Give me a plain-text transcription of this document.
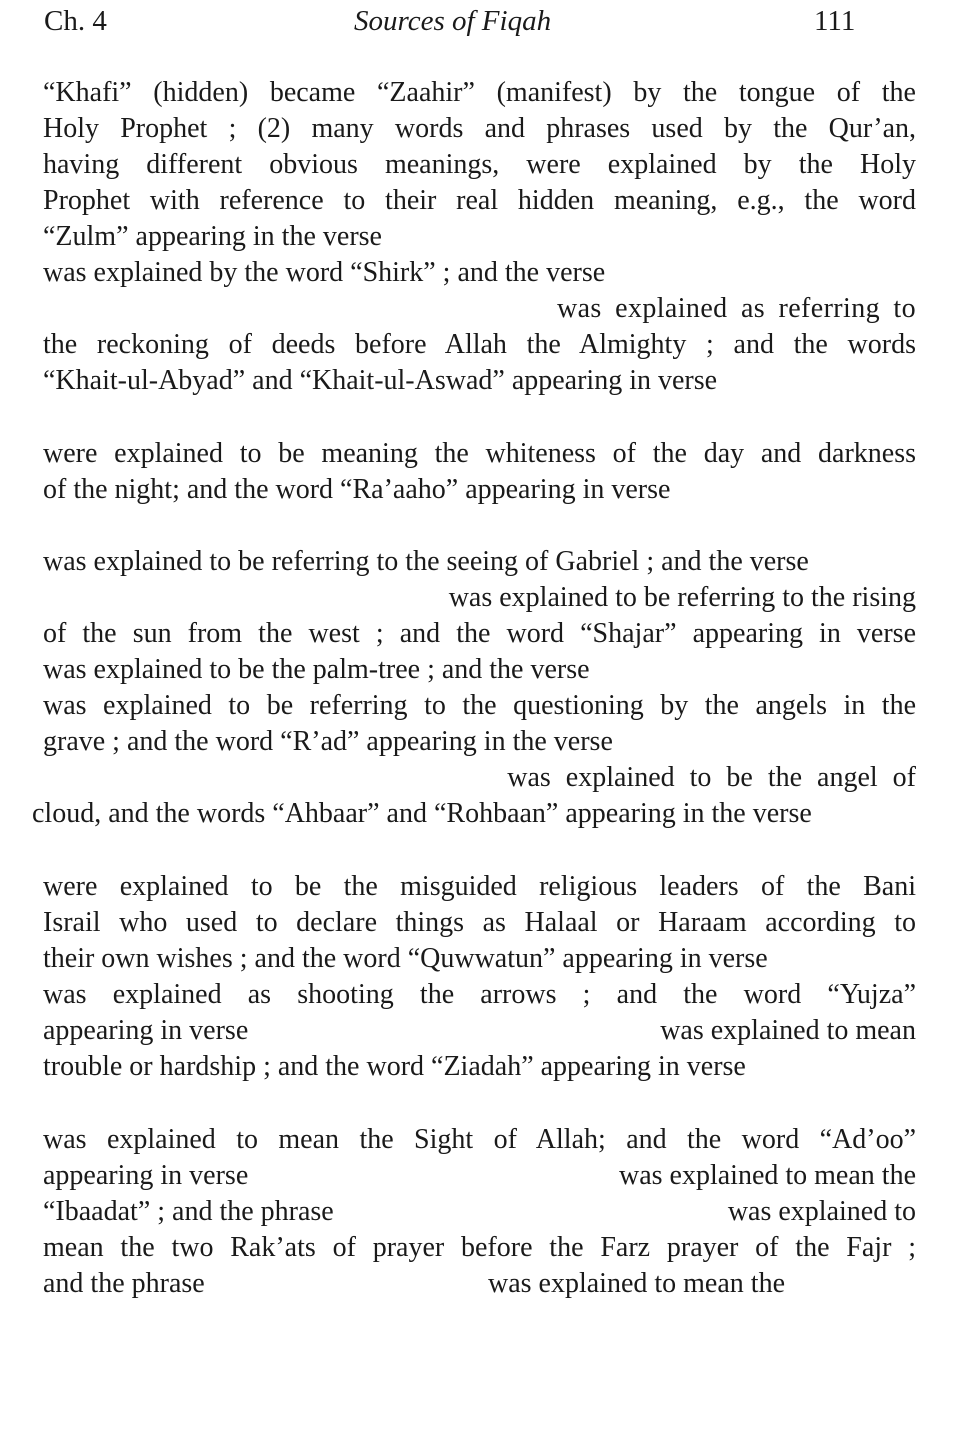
Ch. 4	Sources of Fiqah	111
“Khafi” (hidden) became “Zaahir” (manifest) by the tongue of the
Holy Prophet ; (2) many words and phrases used by the Qur’an,
having different obvious meanings, were explained by the Holy
Prophet with reference to their real hidden meaning, e.g., the word
“Zulm” appearing in the verse
was explained by the word “Shirk” ; and the verse
was explained as referring to
the reckoning of deeds before Allah the Almighty ; and the words
“Khait-ul-Abyad” and “Khait-ul-Aswad” appearing in verse
were explained to be meaning the whiteness of the day and darkness
of the night; and the word “Ra’aaho” appearing in verse
was explained to be referring to the seeing of Gabriel ; and the verse
was explained to be referring to the rising
of the sun from the west ; and the word “Shajar” appearing in verse
was explained to be the palm-tree ; and the verse
was explained to be referring to the questioning by the angels in the
grave ; and the word “R’ad” appearing in the verse
was explained to be the angel of
cloud, and the words “Ahbaar” and “Rohbaan” appearing in the verse
were explained to be the misguided religious leaders of the Bani
Israil who used to declare things as Halaal or Haraam according to
their own wishes ; and the word “Quwwatun” appearing in verse
was explained as shooting the arrows ; and the word “Yujza”
appearing in verse	was explained to mean
trouble or hardship ; and the word “Ziadah” appearing in verse
was explained to mean the Sight of Allah; and the word “Ad’oo”
appearing in verse	was explained to mean the
“Ibaadat” ; and the phrase	was explained to
mean the two Rak’ats of prayer before the Farz prayer of the Fajr ;
and the phrase	was explained to mean the
